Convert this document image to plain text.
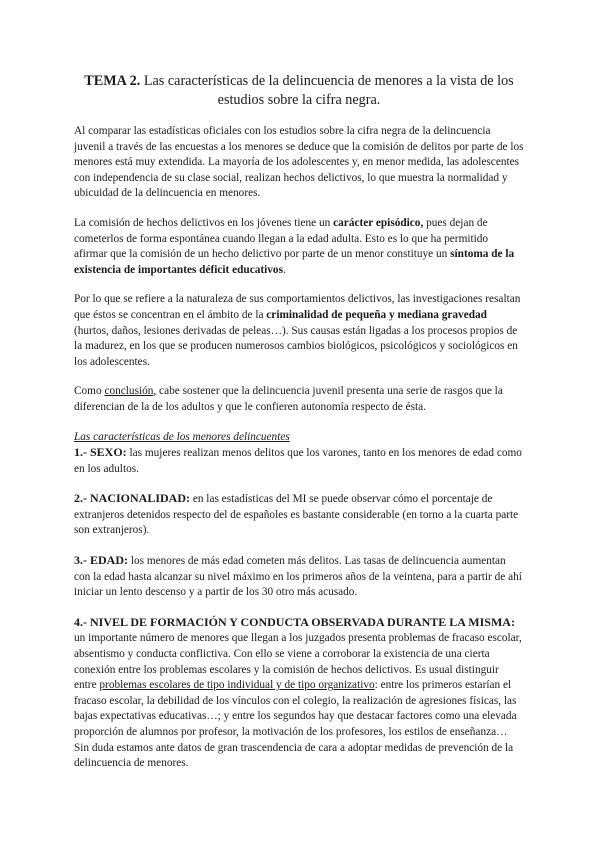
TEMA 2. Las características de la delincuencia de menores a la vista de los estudios sobre la cifra negra.

Al comparar las estadísticas oficiales con los estudios sobre la cifra negra de la delincuencia juvenil a través de las encuestas a los menores se deduce que la comisión de delitos por parte de los menores está muy extendida. La mayoría de los adolescentes y, en menor medida, las adolescentes con independencia de su clase social, realizan hechos delictivos, lo que muestra la normalidad y ubicuidad de la delincuencia en menores.

La comisión de hechos delictivos en los jóvenes tiene un carácter episódico, pues dejan de cometerlos de forma espontánea cuando llegan a la edad adulta. Esto es lo que ha permitido afirmar que la comisión de un hecho delictivo por parte de un menor constituye un síntoma de la existencia de importantes déficit educativos.

Por lo que se refiere a la naturaleza de sus comportamientos delictivos, las investigaciones resaltan que éstos se concentran en el ámbito de la criminalidad de pequeña y mediana gravedad (hurtos, daños, lesiones derivadas de peleas…). Sus causas están ligadas a los procesos propios de la madurez, en los que se producen numerosos cambios biológicos, psicológicos y sociológicos en los adolescentes.

Como conclusión, cabe sostener que la delincuencia juvenil presenta una serie de rasgos que la diferencian de la de los adultos y que le confieren autonomía respecto de ésta.

Las características de los menores delincuentes

1.- SEXO: las mujeres realizan menos delitos que los varones, tanto en los menores de edad como en los adultos.

2.- NACIONALIDAD: en las estadísticas del MI se puede observar cómo el porcentaje de extranjeros detenidos respecto del de españoles es bastante considerable (en torno a la cuarta parte son extranjeros).

3.- EDAD: los menores de más edad cometen más delitos. Las tasas de delincuencia aumentan con la edad hasta alcanzar su nivel máximo en los primeros años de la veintena, para a partir de ahí iniciar un lento descenso y a partir de los 30 otro más acusado.

4.- NIVEL DE FORMACIÓN Y CONDUCTA OBSERVADA DURANTE LA MISMA: un importante número de menores que llegan a los juzgados presenta problemas de fracaso escolar, absentismo y conducta conflictiva. Con ello se viene a corroborar la existencia de una cierta conexión entre los problemas escolares y la comisión de hechos delictivos. Es usual distinguir entre problemas escolares de tipo individual y de tipo organizativo: entre los primeros estarían el fracaso escolar, la debilidad de los vínculos con el colegio, la realización de agresiones físicas, las bajas expectativas educativas…; y entre los segundos hay que destacar factores como una elevada proporción de alumnos por profesor, la motivación de los profesores, los estilos de enseñanza… Sin duda estamos ante datos de gran trascendencia de cara a adoptar medidas de prevención de la delincuencia de menores.
